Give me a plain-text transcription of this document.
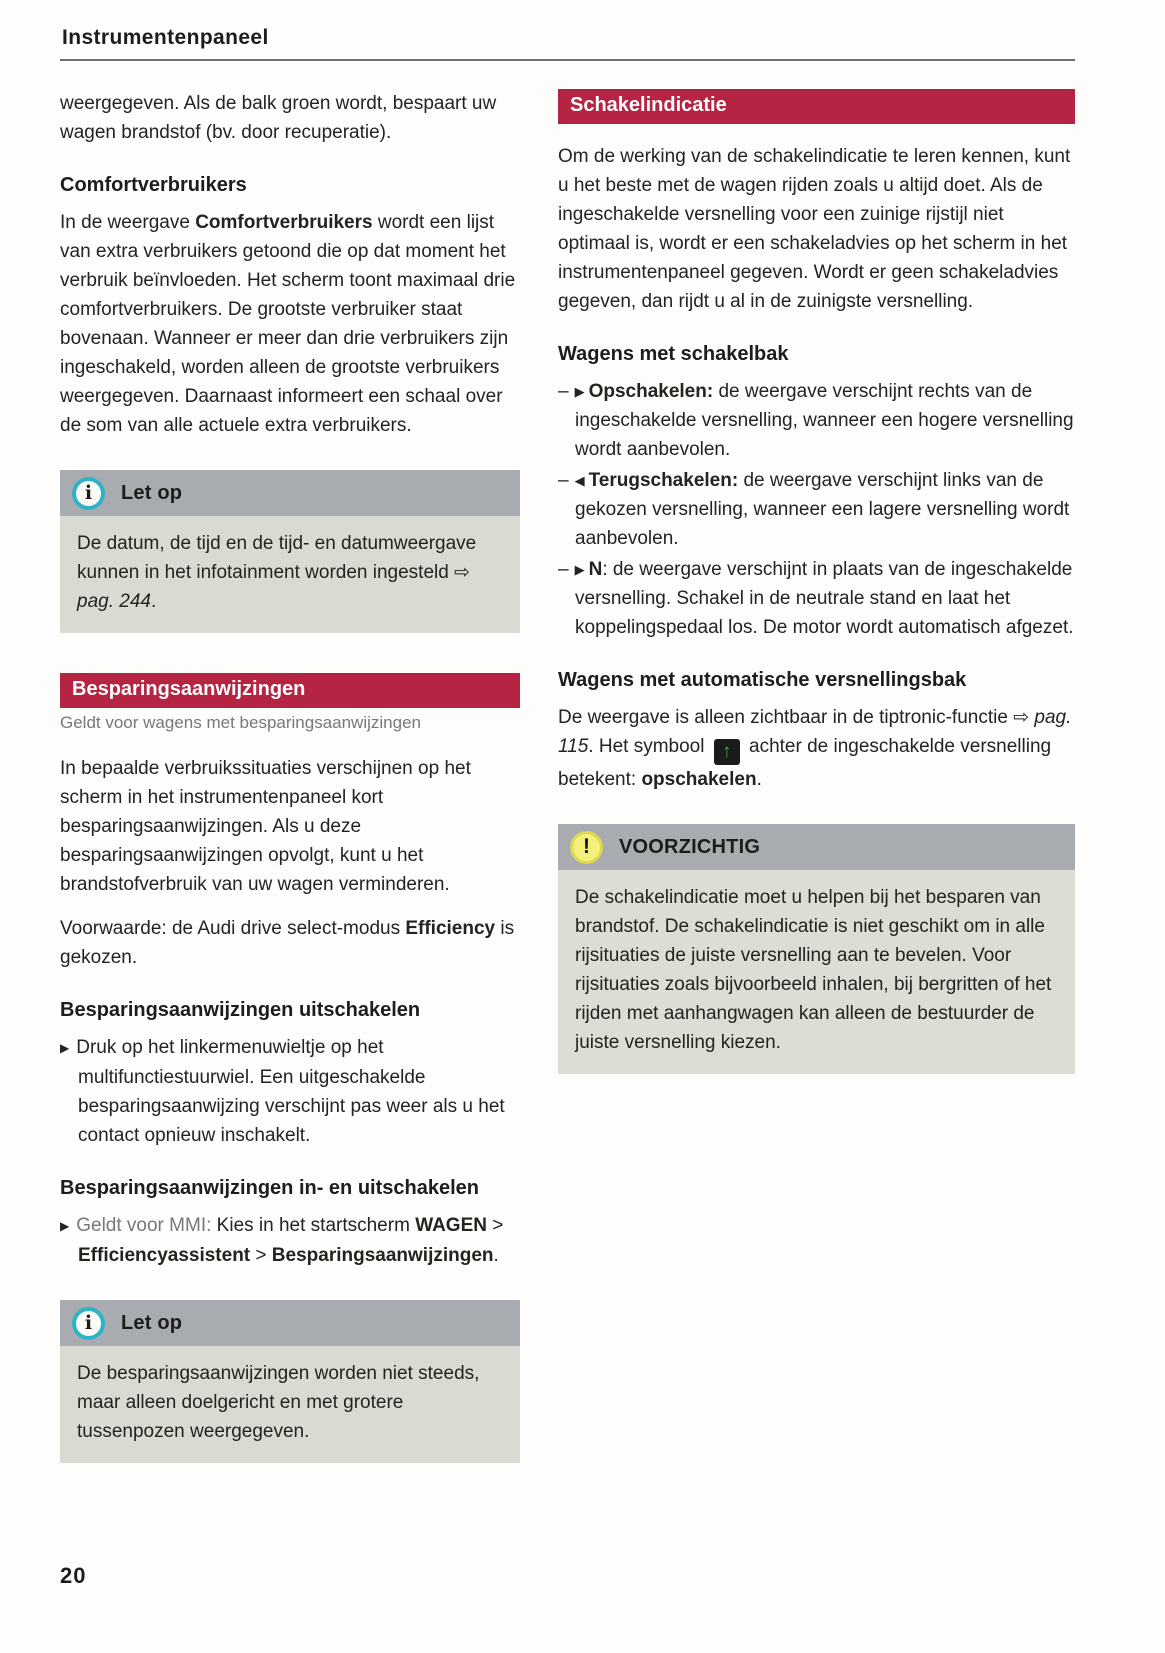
Instrumentenpaneel

weergegeven. Als de balk groen wordt, bespaart uw wagen brandstof (bv. door recuperatie).

Comfortverbruikers

In de weergave Comfortverbruikers wordt een lijst van extra verbruikers getoond die op dat moment het verbruik beïnvloeden. Het scherm toont maximaal drie comfortverbruikers. De grootste verbruiker staat bovenaan. Wanneer er meer dan drie verbruikers zijn ingeschakeld, worden alleen de grootste verbruikers weergegeven. Daarnaast informeert een schaal over de som van alle actuele extra verbruikers.

i Let op
De datum, de tijd en de tijd- en datumweergave kunnen in het infotainment worden ingesteld ⇨ pag. 244.
Besparingsaanwijzingen
Geldt voor wagens met besparingsaanwijzingen

In bepaalde verbruikssituaties verschijnen op het scherm in het instrumentenpaneel kort besparingsaanwijzingen. Als u deze besparingsaanwijzingen opvolgt, kunt u het brandstofverbruik van uw wagen verminderen.

Voorwaarde: de Audi drive select-modus Efficiency is gekozen.

Besparingsaanwijzingen uitschakelen

▶ Druk op het linkermenuwieltje op het multifunctiestuurwiel. Een uitgeschakelde besparingsaanwijzing verschijnt pas weer als u het contact opnieuw inschakelt.

Besparingsaanwijzingen in- en uitschakelen

▶ Geldt voor MMI: Kies in het startscherm WAGEN > Efficiencyassistent > Besparingsaanwijzingen.

i Let op
De besparingsaanwijzingen worden niet steeds, maar alleen doelgericht en met grotere tussenpozen weergegeven.
Schakelindicatie

Om de werking van de schakelindicatie te leren kennen, kunt u het beste met de wagen rijden zoals u altijd doet. Als de ingeschakelde versnelling voor een zuinige rijstijl niet optimaal is, wordt er een schakeladvies op het scherm in het instrumentenpaneel gegeven. Wordt er geen schakeladvies gegeven, dan rijdt u al in de zuinigste versnelling.

Wagens met schakelbak

– ▶ Opschakelen: de weergave verschijnt rechts van de ingeschakelde versnelling, wanneer een hogere versnelling wordt aanbevolen.

– ◀ Terugschakelen: de weergave verschijnt links van de gekozen versnelling, wanneer een lagere versnelling wordt aanbevolen.

– ▶ N: de weergave verschijnt in plaats van de ingeschakelde versnelling. Schakel in de neutrale stand en laat het koppelingspedaal los. De motor wordt automatisch afgezet.

Wagens met automatische versnellingsbak

De weergave is alleen zichtbaar in de tiptronic-functie ⇨ pag. 115. Het symbool ↑ achter de ingeschakelde versnelling betekent: opschakelen.

! VOORZICHTIG
De schakelindicatie moet u helpen bij het besparen van brandstof. De schakelindicatie is niet geschikt om in alle rijsituaties de juiste versnelling aan te bevelen. Voor rijsituaties zoals bijvoorbeeld inhalen, bij bergritten of het rijden met aanhangwagen kan alleen de bestuurder de juiste versnelling kiezen.
20
